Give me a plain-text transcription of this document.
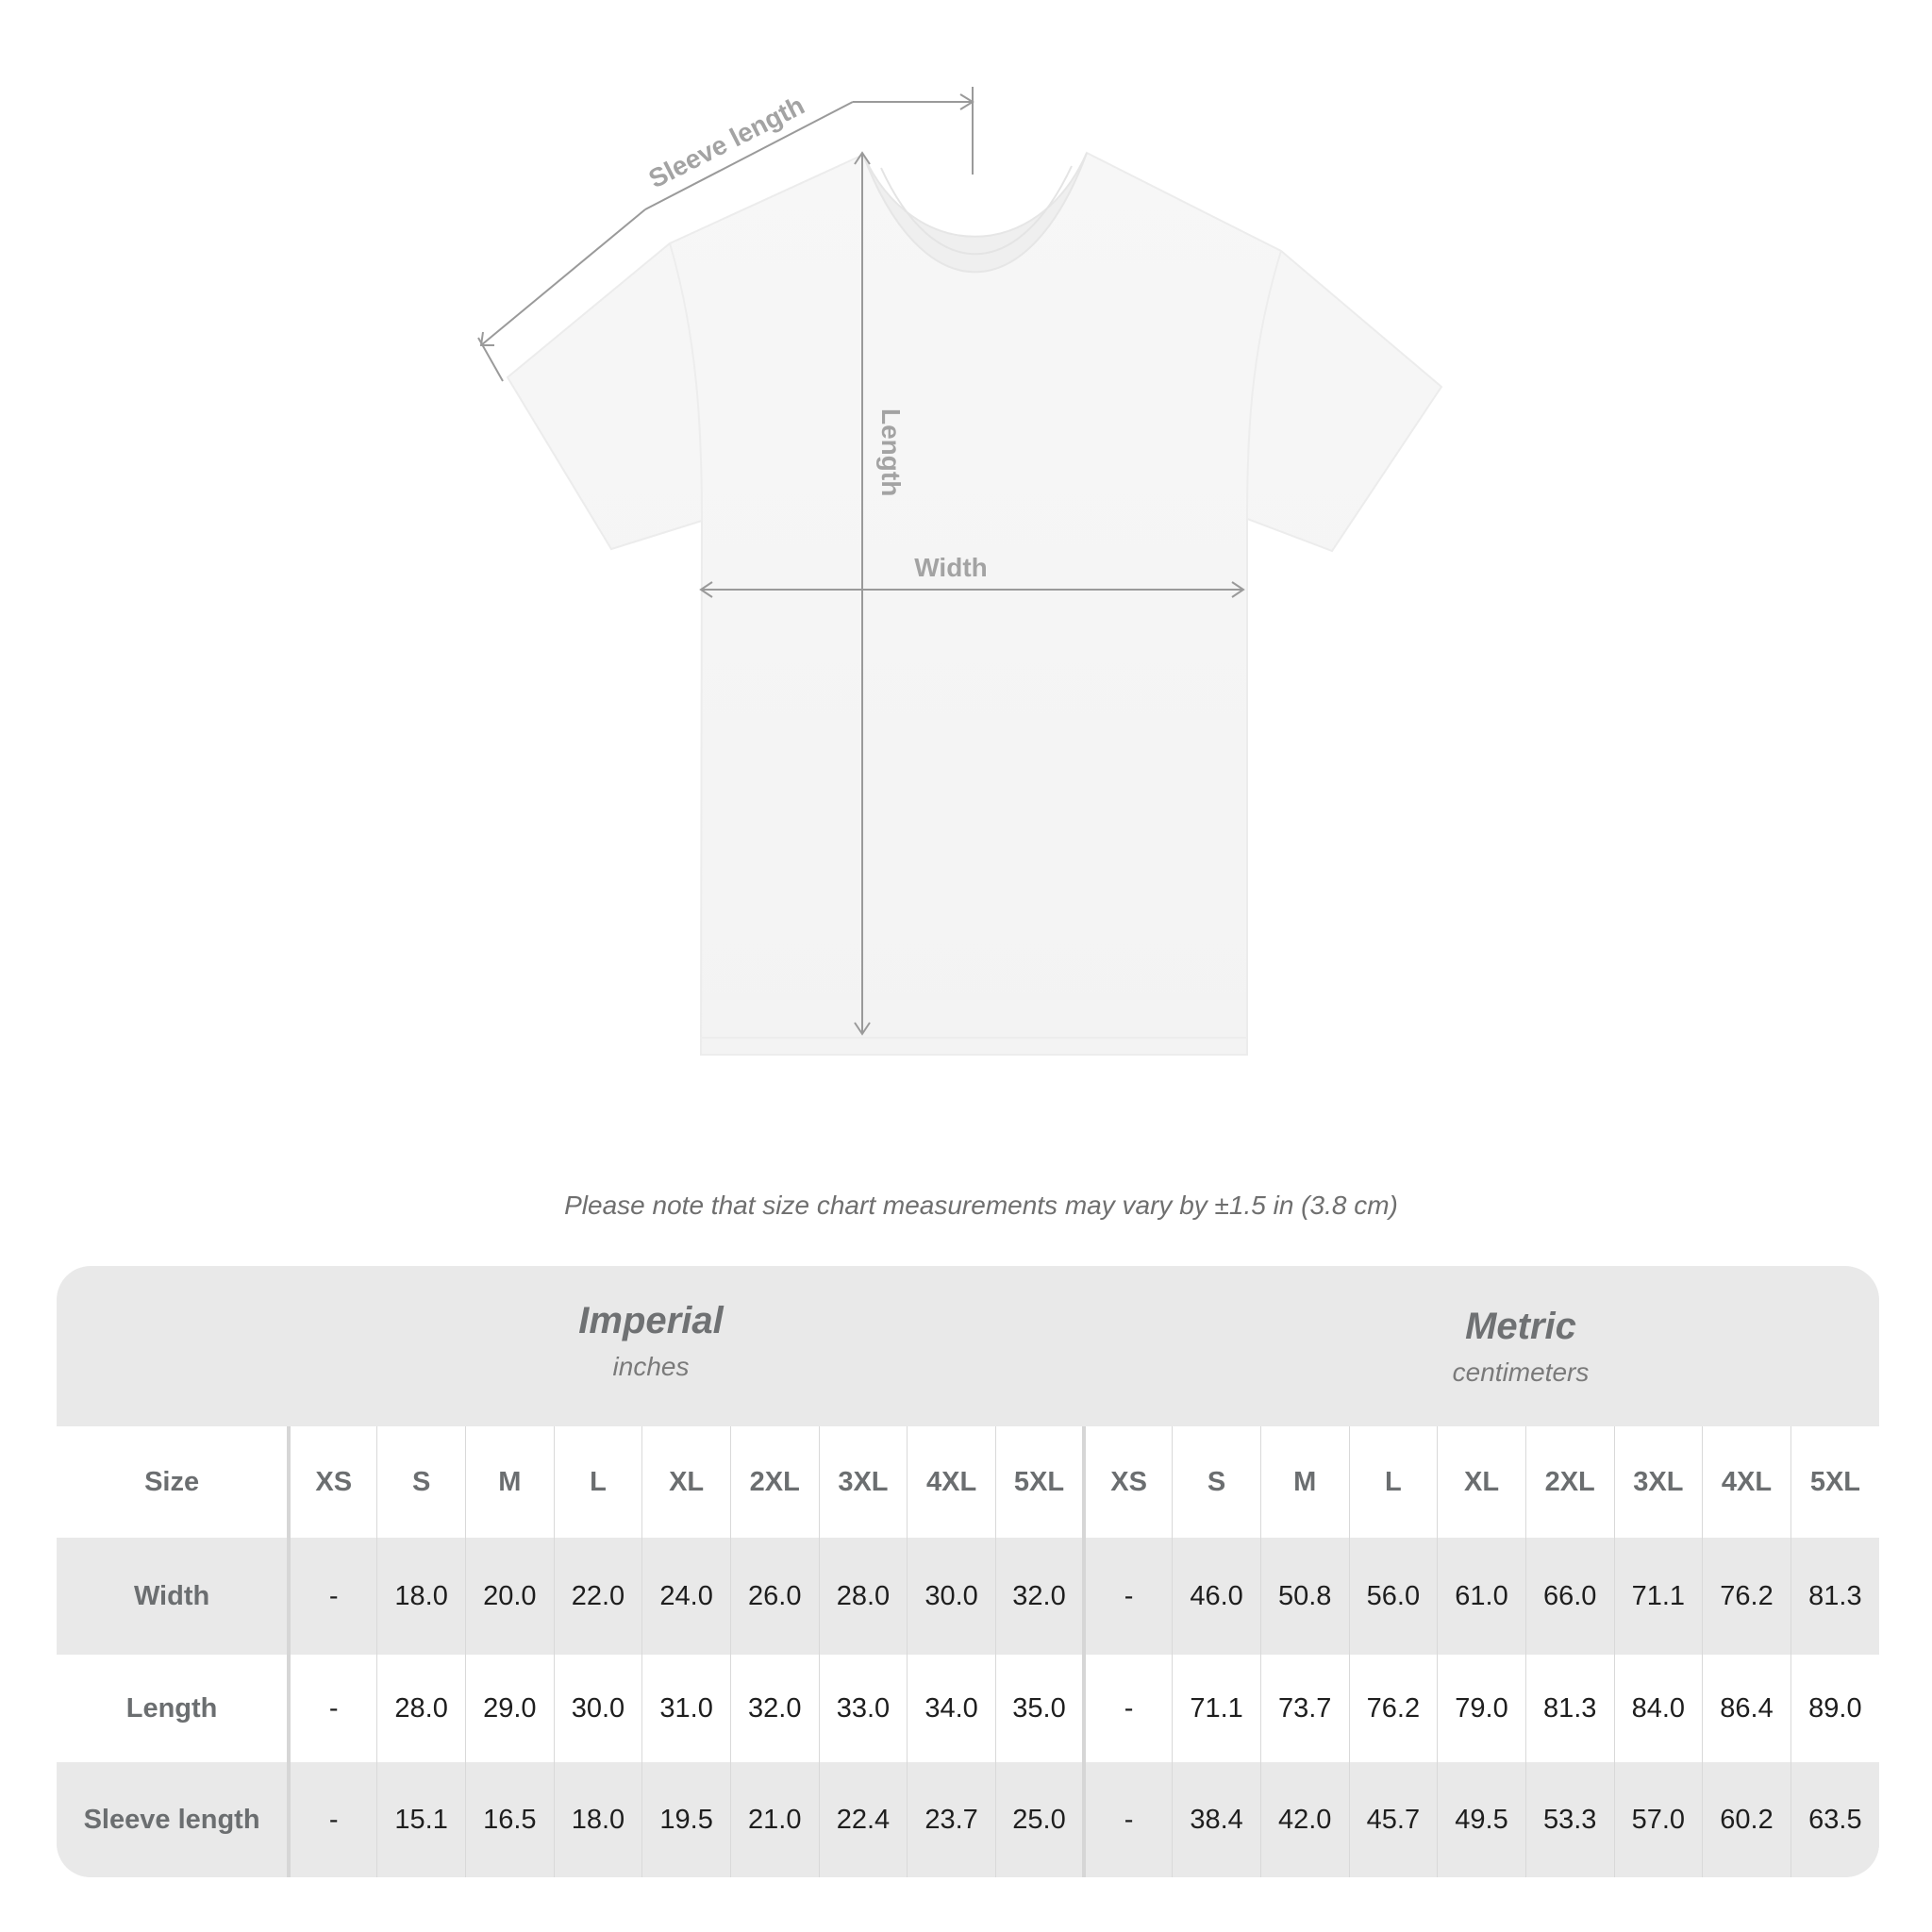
Sleeve length
Length
Width
Please note that size chart measurements may vary by ±1.5 in (3.8 cm)
Imperial
inches
Metric
centimeters
Size	XS	S	M	L	XL	2XL	3XL	4XL	5XL	XS	S	M	L	XL	2XL	3XL	4XL	5XL
Width	-	18.0	20.0	22.0	24.0	26.0	28.0	30.0	32.0	-	46.0	50.8	56.0	61.0	66.0	71.1	76.2	81.3
Length	-	28.0	29.0	30.0	31.0	32.0	33.0	34.0	35.0	-	71.1	73.7	76.2	79.0	81.3	84.0	86.4	89.0
Sleeve length	-	15.1	16.5	18.0	19.5	21.0	22.4	23.7	25.0	-	38.4	42.0	45.7	49.5	53.3	57.0	60.2	63.5
